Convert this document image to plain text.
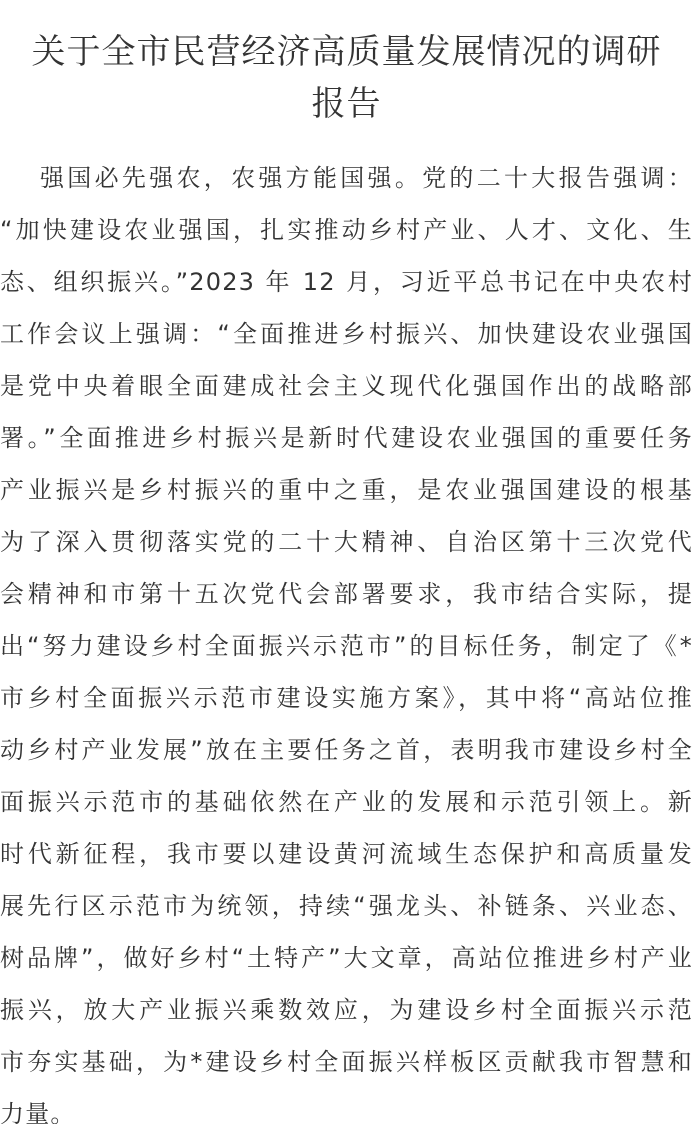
关于全市民营经济高质量发展情况的调研
报告
强国必先强农，农强方能国强。党的二十大报告强调：
“加快建设农业强国，扎实推动乡村产业、人才、文化、生
态、组织振兴。”2023 年 12 月，习近平总书记在中央农村
工作会议上强调：“全面推进乡村振兴、加快建设农业强国
是党中央着眼全面建成社会主义现代化强国作出的战略部
署。”全面推进乡村振兴是新时代建设农业强国的重要任务
产业振兴是乡村振兴的重中之重，是农业强国建设的根基
为了深入贯彻落实党的二十大精神、自治区第十三次党代
会精神和市第十五次党代会部署要求，我市结合实际，提
出“努力建设乡村全面振兴示范市”的目标任务，制定了《*
市乡村全面振兴示范市建设实施方案》，其中将“高站位推
动乡村产业发展”放在主要任务之首，表明我市建设乡村全
面振兴示范市的基础依然在产业的发展和示范引领上。新
时代新征程，我市要以建设黄河流域生态保护和高质量发
展先行区示范市为统领，持续“强龙头、补链条、兴业态、
树品牌”，做好乡村“土特产”大文章，高站位推进乡村产业
振兴，放大产业振兴乘数效应，为建设乡村全面振兴示范
市夯实基础，为*建设乡村全面振兴样板区贡献我市智慧和
力量。
